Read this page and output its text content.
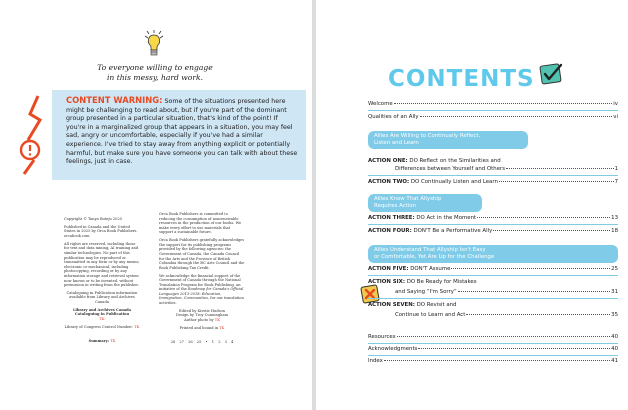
To everyone willing to engage
in this messy, hard work.
CONTENT WARNING: Some of the situations presented here might be challenging to read about, but if you're part of the dominant group presented in a particular situation, that's kind of the point! If you're in a marginalized group that appears in a situation, you may feel sad, angry or uncomfortable, especially if you've had a similar experience. I've tried to stay away from anything explicit or potentially harmful, but make sure you have someone you can talk with about these feelings, just in case.

Copyright © Tanya Boteju 2025

Published in Canada and the United States in 2025 by Orca Book Publishers. orcabook.com

All rights are reserved, including those for text and data mining, AI training and similar technologies. No part of this publication may be reproduced or transmitted in any form or by any means, electronic or mechanical, including photocopying, recording or by any information storage and retrieval system now known or to be invented, without permission in writing from the publisher.

Cataloguing in Publication information available from Library and Archives Canada

Library and Archives Canada

Cataloguing in Publication

TK

Library of Congress Control Number: TK

Summary: TK

Orca Book Publishers is committed to reducing the consumption of nonrenewable resources in the production of our books. We make every effort to use materials that support a sustainable future.

Orca Book Publishers gratefully acknowledges the support for its publishing programs provided by the following agencies: the Government of Canada, the Canada Council for the Arts and the Province of British Columbia through the BC Arts Council and the Book Publishing Tax Credit.

We acknowledge the financial support of the Government of Canada through the National Translation Program for Book Publishing, an initiative of the Roadmap for Canada's Official Languages 2013-2018: Education, Immigration, Communities, for our translation activities.

Edited by Kirstie Hudson

Design by Troy Cunningham

Author photo by TK

Printed and bound in TK

28 27 26 25 • 1 2 3 4

CONTENTS
Welcome	iv
Qualities of an Ally	vi
Allies Are Willing to Continually Reflect,
Listen and Learn
ACTION ONE: DO Reflect on the Similarities and
Differences between Yourself and Others	1
ACTION TWO: DO Continually Listen and Learn	7
Allies Know That Allyship
Requires Action
ACTION THREE: DO Act in the Moment	13
ACTION FOUR: DON'T Be a Performative Ally	18
Allies Understand That Allyship Isn't Easy
or Comfortable, Yet Are Up for the Challenge
ACTION FIVE: DON'T Assume	25
ACTION SIX: DO Be Ready for Mistakes
and Saying “I'm Sorry”	31
ACTION SEVEN: DO Revisit and
Continue to Learn and Act	35
Resources	40
Acknowledgments	40
Index	41
